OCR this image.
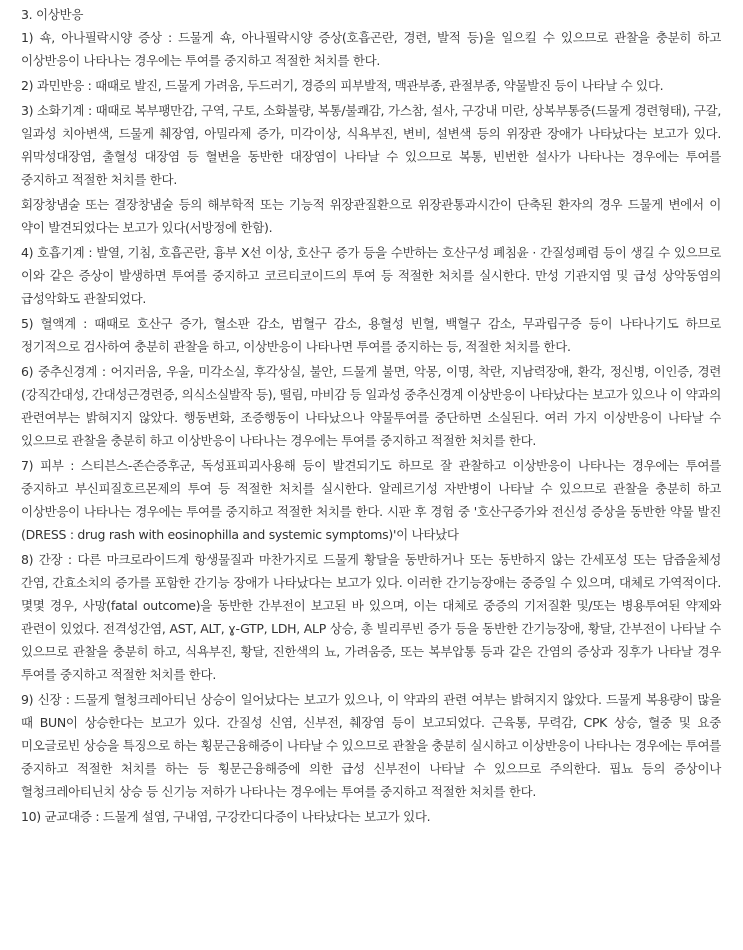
3. 이상반응

1) 쇽, 아나필락시양 증상 : 드물게 쇽, 아나필락시양 증상(호흡곤란, 경련, 발적 등)을 일으킬 수 있으므로 관찰을 충분히 하고 이상반응이 나타나는 경우에는 투여를 중지하고 적절한 처치를 한다.

2) 과민반응 : 때때로 발진, 드물게 가려움, 두드러기, 경증의 피부발적, 맥관부종, 관절부종, 약물발진 등이 나타날 수 있다.

3) 소화기계 : 때때로 복부팽만감, 구역, 구토, 소화불량, 복통/불쾌감, 가스참, 설사, 구강내 미란, 상복부통증(드물게 경련형태), 구갈, 일과성 치아변색, 드물게 췌장염, 아밀라제 증가, 미각이상, 식욕부진, 변비, 설변색 등의 위장관 장애가 나타났다는 보고가 있다. 위막성대장염, 출혈성 대장염 등 혈변을 동반한 대장염이 나타날 수 있으므로 복통, 빈번한 설사가 나타나는 경우에는 투여를 중지하고 적절한 처치를 한다.

회장창냄술 또는 결장창냄술 등의 해부학적 또는 기능적 위장관질환으로 위장관통과시간이 단축된 환자의 경우 드물게 변에서 이 약이 발견되었다는 보고가 있다(서방정에 한함).

4) 호흡기계 : 발열, 기침, 호흡곤란, 흉부 X선 이상, 호산구 증가 등을 수반하는 호산구성 폐침윤 · 간질성폐렴 등이 생길 수 있으므로 이와 같은 증상이 발생하면 투여를 중지하고 코르티코이드의 투여 등 적절한 처치를 실시한다. 만성 기관지염 및 급성 상악동염의 급성악화도 관찰되었다.

5) 혈액계 : 때때로 호산구 증가, 혈소판 감소, 범혈구 감소, 용혈성 빈혈, 백혈구 감소, 무과립구증 등이 나타나기도 하므로 정기적으로 검사하여 충분히 관찰을 하고, 이상반응이 나타나면 투여를 중지하는 등, 적절한 처치를 한다.

6) 중추신경계 : 어지러움, 우울, 미각소실, 후각상실, 불안, 드물게 불면, 악몽, 이명, 착란, 지남력장애, 환각, 정신병, 이인증, 경련(강직간대성, 간대성근경련증, 의식소실발작 등), 떨림, 마비감 등 일과성 중추신경계 이상반응이 나타났다는 보고가 있으나 이 약과의 관련여부는 밝혀지지 않았다. 행동변화, 조증행동이 나타났으나 약물투여를 중단하면 소실된다. 여러 가지 이상반응이 나타날 수 있으므로 관찰을 충분히 하고 이상반응이 나타나는 경우에는 투여를 중지하고 적절한 처치를 한다.

7) 피부 : 스티븐스-존슨증후군, 독성표피괴사용해 등이 발견되기도 하므로 잘 관찰하고 이상반응이 나타나는 경우에는 투여를 중지하고 부신피질호르몬제의 투여 등 적절한 처치를 실시한다. 알레르기성 자반병이 나타날 수 있으므로 관찰을 충분히 하고 이상반응이 나타나는 경우에는 투여를 중지하고 적절한 처치를 한다. 시판 후 경험 중 '호산구증가와 전신성 증상을 동반한 약물 발진(DRESS : drug rash with eosinophilla and systemic symptoms)'이 나타났다

8) 간장 : 다른 마크로라이드계 항생물질과 마찬가지로 드물게 황달을 동반하거나 또는 동반하지 않는 간세포성 또는 담즙울체성 간염, 간효소치의 증가를 포함한 간기능 장애가 나타났다는 보고가 있다. 이러한 간기능장애는 중증일 수 있으며, 대체로 가역적이다. 몇몇 경우, 사망(fatal outcome)을 동반한 간부전이 보고된 바 있으며, 이는 대체로 중증의 기저질환 및/또는 병용투여된 약제와 관련이 있었다. 전격성간염, AST, ALT, ɣ-GTP, LDH, ALP 상승, 총 빌리루빈 증가 등을 동반한 간기능장애, 황달, 간부전이 나타날 수 있으므로 관찰을 충분히 하고, 식욕부진, 황달, 진한색의 뇨, 가려움증, 또는 복부압통 등과 같은 간염의 증상과 징후가 나타날 경우 투여를 중지하고 적절한 처치를 한다.

9) 신장 : 드물게 혈청크레아티닌 상승이 일어났다는 보고가 있으나, 이 약과의 관련 여부는 밝혀지지 않았다. 드물게 복용량이 많을 때 BUN이 상승한다는 보고가 있다. 간질성 신염, 신부전, 췌장염 등이 보고되었다. 근육통, 무력감, CPK 상승, 혈중 및 요중 미오글로빈 상승을 특징으로 하는 횡문근융해증이 나타날 수 있으므로 관찰을 충분히 실시하고 이상반응이 나타나는 경우에는 투여를 중지하고 적절한 처치를 하는 등 횡문근융해증에 의한 급성 신부전이 나타날 수 있으므로 주의한다. 핍뇨 등의 증상이나 혈청크레아티닌치 상승 등 신기능 저하가 나타나는 경우에는 투여를 중지하고 적절한 처치를 한다.

10) 균교대증 : 드물게 설염, 구내염, 구강칸디다증이 나타났다는 보고가 있다.
